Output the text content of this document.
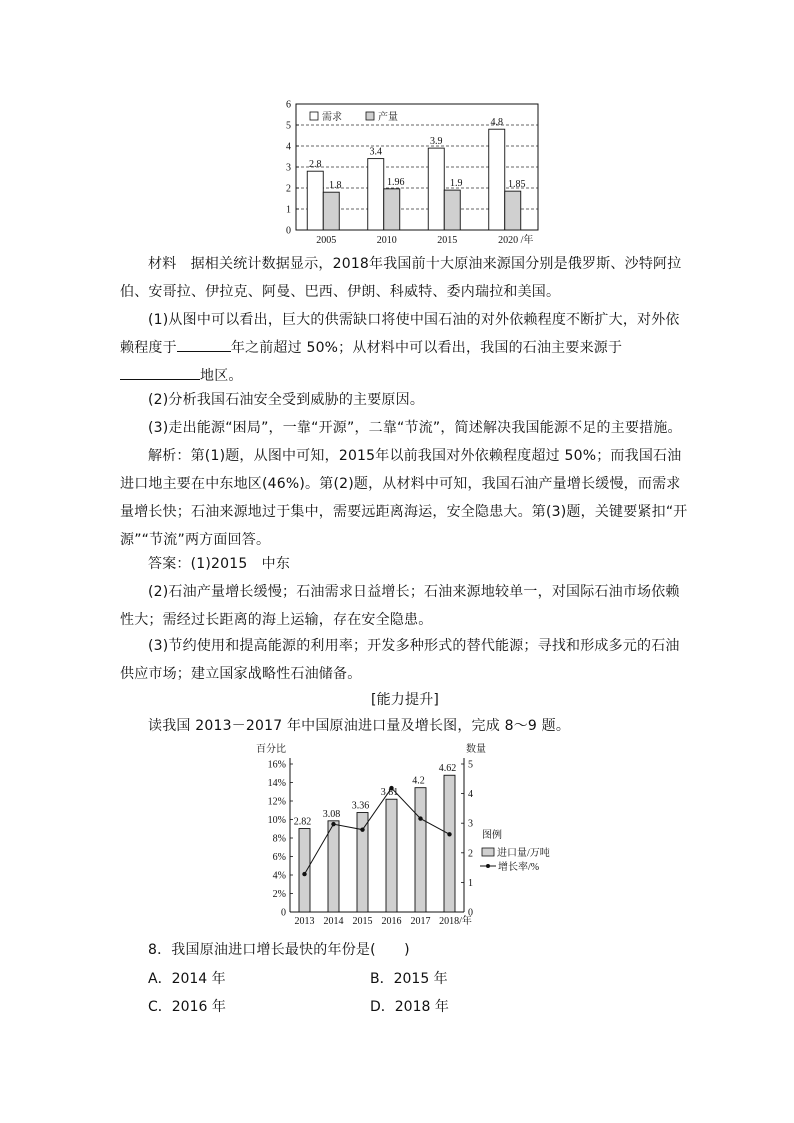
0
1
2
3
4
5
6
2.8
1.8
2005
3.4
1.96
2010
3.9
1.9
2015
4.8
1.85
2020 /年
需求	产量

材料　据相关统计数据显示，2018年我国前十大原油来源国分别是俄罗斯、沙特阿拉伯、安哥拉、伊拉克、阿曼、巴西、伊朗、科威特、委内瑞拉和美国。

(1)从图中可以看出，巨大的供需缺口将使中国石油的对外依赖程度不断扩大，对外依赖程度于	年之前超过 50%；从材料中可以看出，我国的石油主要来源于
地区。

(2)分析我国石油安全受到威胁的主要原因。

(3)走出能源“困局”，一靠“开源”，二靠“节流”，简述解决我国能源不足的主要措施。

解析：第(1)题，从图中可知，2015年以前我国对外依赖程度超过 50%；而我国石油进口地主要在中东地区(46%)。第(2)题，从材料中可知，我国石油产量增长缓慢，而需求量增长快；石油来源地过于集中，需要远距离海运，安全隐患大。第(3)题，关键要紧扣“开源”“节流”两方面回答。

答案：(1)2015　中东

(2)石油产量增长缓慢；石油需求日益增长；石油来源地较单一，对国际石油市场依赖性大；需经过长距离的海上运输，存在安全隐患。

(3)节约使用和提高能源的利用率；开发多种形式的替代能源；寻找和形成多元的石油供应市场；建立国家战略性石油储备。

[能力提升]

读我国 2013－2017 年中国原油进口量及增长图，完成 8～9 题。

百分比	数量
0
2%
4%
6%
8%
10%
12%
14%
16%
0
1
2
3
4
5
2.82
2013
3.08
2014
3.36
2015
3.81
2016
4.2
2017
4.62
2018/年
图例
进口量/万吨
增长率/%

8．我国原油进口增长最快的年份是(　　)

A．2014 年	B．2015 年
C．2016 年	D．2018 年
